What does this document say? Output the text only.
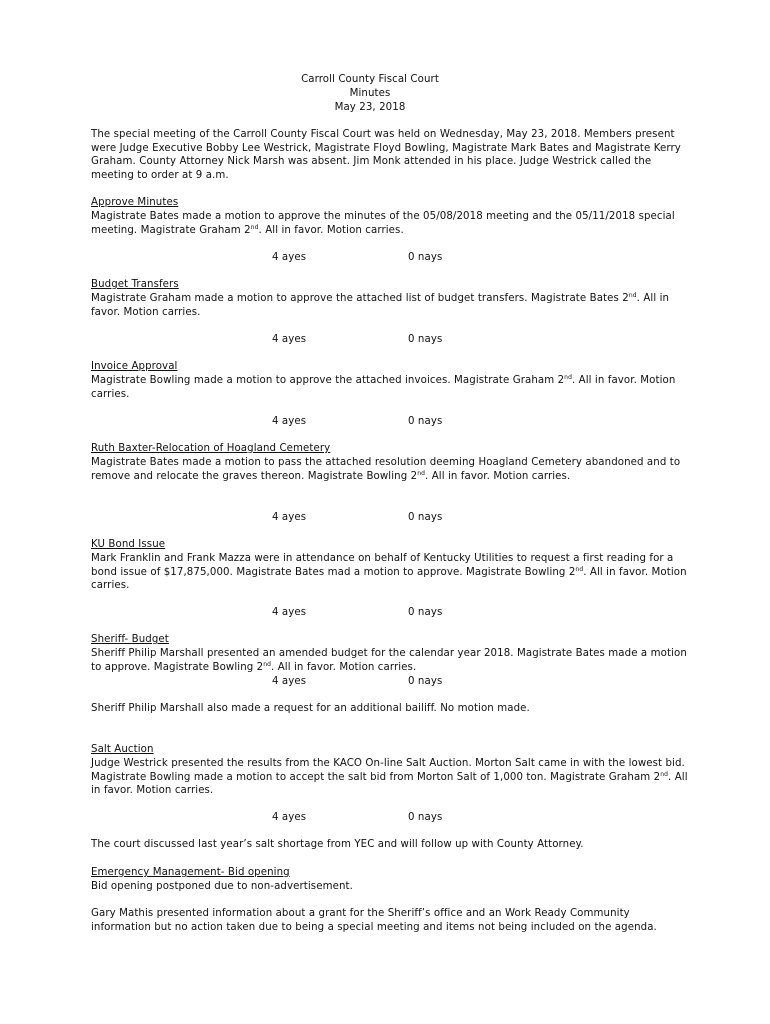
Carroll County Fiscal Court
Minutes
May 23, 2018
The special meeting of the Carroll County Fiscal Court was held on Wednesday, May 23, 2018. Members present were Judge Executive Bobby Lee Westrick, Magistrate Floyd Bowling, Magistrate Mark Bates and Magistrate Kerry Graham. County Attorney Nick Marsh was absent. Jim Monk attended in his place. Judge Westrick called the meeting to order at 9 a.m.
Approve Minutes
Magistrate Bates made a motion to approve the minutes of the 05/08/2018 meeting and the 05/11/2018 special meeting. Magistrate Graham 2nd. All in favor. Motion carries.
4 ayes	0 nays
Budget Transfers
Magistrate Graham made a motion to approve the attached list of budget transfers. Magistrate Bates 2nd. All in favor. Motion carries.
4 ayes	0 nays
Invoice Approval
Magistrate Bowling made a motion to approve the attached invoices. Magistrate Graham 2nd. All in favor. Motion carries.
4 ayes	0 nays
Ruth Baxter-Relocation of Hoagland Cemetery
Magistrate Bates made a motion to pass the attached resolution deeming Hoagland Cemetery abandoned and to remove and relocate the graves thereon. Magistrate Bowling 2nd. All in favor. Motion carries.
4 ayes	0 nays
KU Bond Issue
Mark Franklin and Frank Mazza were in attendance on behalf of Kentucky Utilities to request a first reading for a bond issue of $17,875,000. Magistrate Bates mad a motion to approve. Magistrate Bowling 2nd. All in favor. Motion carries.
4 ayes	0 nays
Sheriff- Budget
Sheriff Philip Marshall presented an amended budget for the calendar year 2018. Magistrate Bates made a motion to approve. Magistrate Bowling 2nd. All in favor. Motion carries.
4 ayes	0 nays
Sheriff Philip Marshall also made a request for an additional bailiff. No motion made.
Salt Auction
Judge Westrick presented the results from the KACO On-line Salt Auction. Morton Salt came in with the lowest bid. Magistrate Bowling made a motion to accept the salt bid from Morton Salt of 1,000 ton. Magistrate Graham 2nd. All in favor. Motion carries.
4 ayes	0 nays
The court discussed last year’s salt shortage from YEC and will follow up with County Attorney.
Emergency Management- Bid opening
Bid opening postponed due to non-advertisement.
Gary Mathis presented information about a grant for the Sheriff’s office and an Work Ready Community information but no action taken due to being a special meeting and items not being included on the agenda.
